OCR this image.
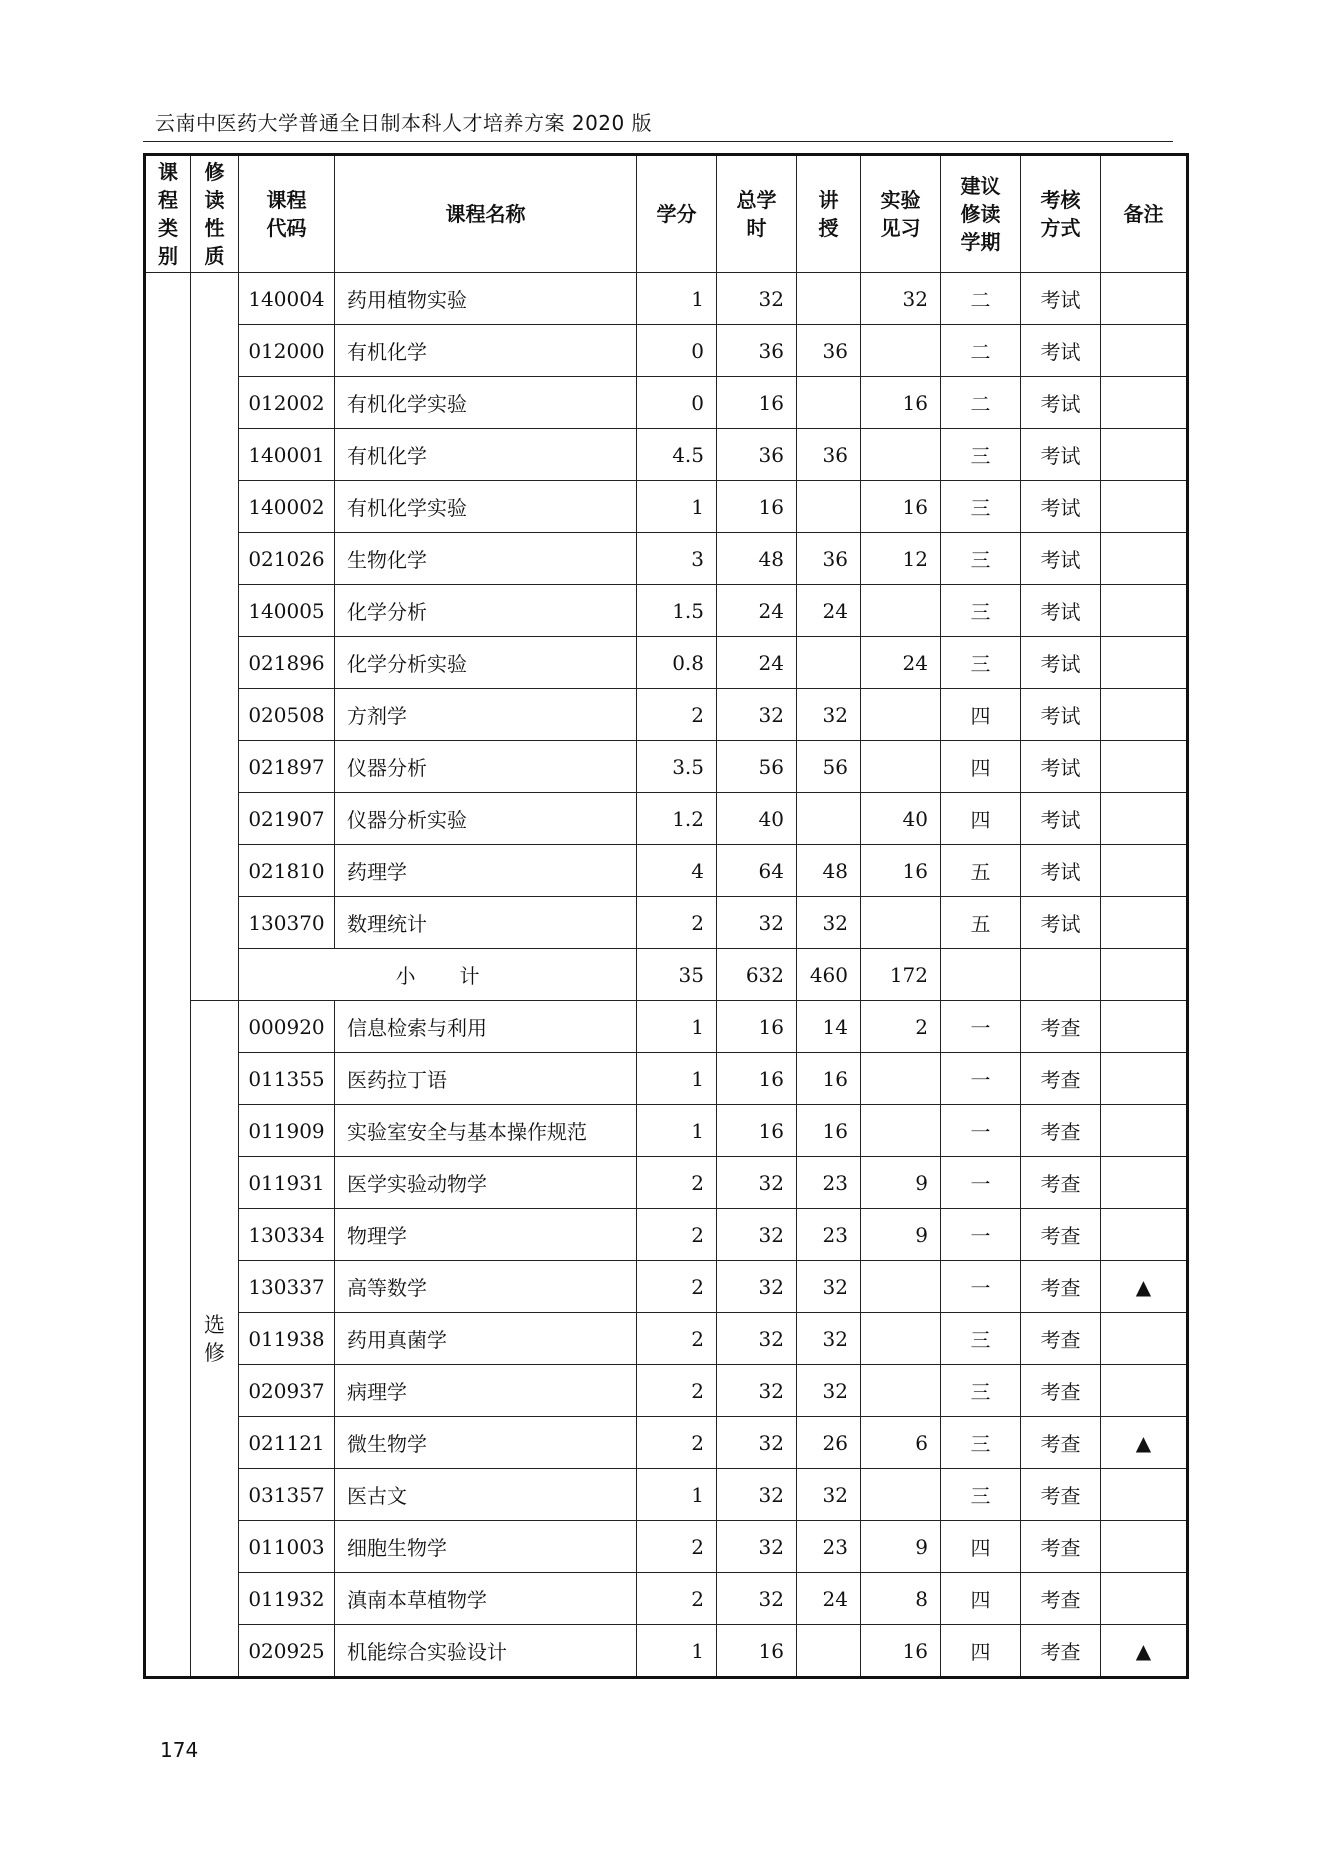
云南中医药大学普通全日制本科人才培养方案 2020 版
课程类别	修读性质	课程代码	课程名称	学分	总学时	讲授	实验见习	建议修读学期	考核方式	备注
		140004	药用植物实验	1	32		32	二	考试	
		012000	有机化学	0	36	36		二	考试	
		012002	有机化学实验	0	16		16	二	考试	
		140001	有机化学	4.5	36	36		三	考试	
		140002	有机化学实验	1	16		16	三	考试	
		021026	生物化学	3	48	36	12	三	考试	
		140005	化学分析	1.5	24	24		三	考试	
		021896	化学分析实验	0.8	24		24	三	考试	
		020508	方剂学	2	32	32		四	考试	
		021897	仪器分析	3.5	56	56		四	考试	
		021907	仪器分析实验	1.2	40		40	四	考试	
		021810	药理学	4	64	48	16	五	考试	
		130370	数理统计	2	32	32		五	考试	
		小计		35	632	460	172			

	选修	000920	信息检索与利用	1	16	14	2	一	考查	
		011355	医药拉丁语	1	16	16		一	考查	
		011909	实验室安全与基本操作规范	1	16	16		一	考查	
		011931	医学实验动物学	2	32	23	9	一	考查	
		130334	物理学	2	32	23	9	一	考查	
		130337	高等数学	2	32	32		一	考查	▲
		011938	药用真菌学	2	32	32		三	考查	
		020937	病理学	2	32	32		三	考查	
		021121	微生物学	2	32	26	6	三	考查	▲
		031357	医古文	1	32	32		三	考查	
		011003	细胞生物学	2	32	23	9	四	考查	
		011932	滇南本草植物学	2	32	24	8	四	考查	
		020925	机能综合实验设计	1	16		16	四	考查	▲
174
